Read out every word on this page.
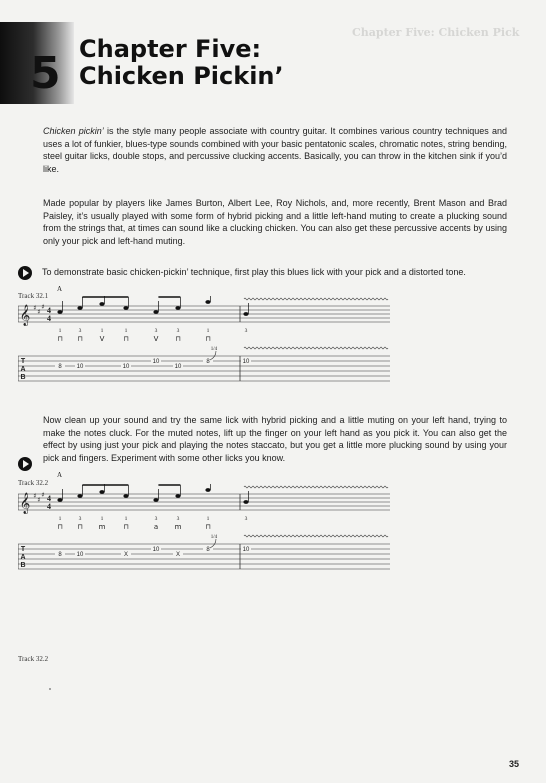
5 Chapter Five:
Chicken Pickin’
Chapter Five: Chicken Pick
Chicken pickin’ is the style many people associate with country guitar. It combines various country techniques and uses a lot of funkier, blues-type sounds combined with your basic pentatonic scales, chromatic notes, string bending, steel guitar licks, double stops, and percussive clucking accents. Basically, you can throw in the kitchen sink if you’d like.
Made popular by players like James Burton, Albert Lee, Roy Nichols, and, more recently, Brent Mason and Brad Paisley, it’s usually played with some form of hybrid picking and a little left-hand muting to create a plucking sound from the strings that, at times can sound like a clucking chicken. You can also get these percussive accents by using only your pick and left-hand muting.
To demonstrate basic chicken-pickin’ technique, first play this blues lick with your pick and a distorted tone.
Track 32.1
A
𝄞 ♯ ♯
♯ 4
4
1	3	1	1	3	3	1	3
⊓ ⊓ V	⊓	V ⊓	⊓
T
A
B
8 10	10
10
10
8	10
1/4
Now clean up your sound and try the same lick with hybrid picking and a little muting on your left hand, trying to make the notes cluck. For the muted notes, lift up the finger on your left hand as you pick it. You can also get the effect by using just your pick and playing the notes staccato, but you get a little more plucking sound by using your pick and fingers. Experiment with some other licks you know.
Track 32.2
A
𝄞 ♯ ♯
♯ 4
4
1	3	1	1	3	3	1	3
⊓ ⊓ m	⊓	a m	⊓
T
A
B
8 10	X
10
X
8	10
1/4
Track 32.2
35
